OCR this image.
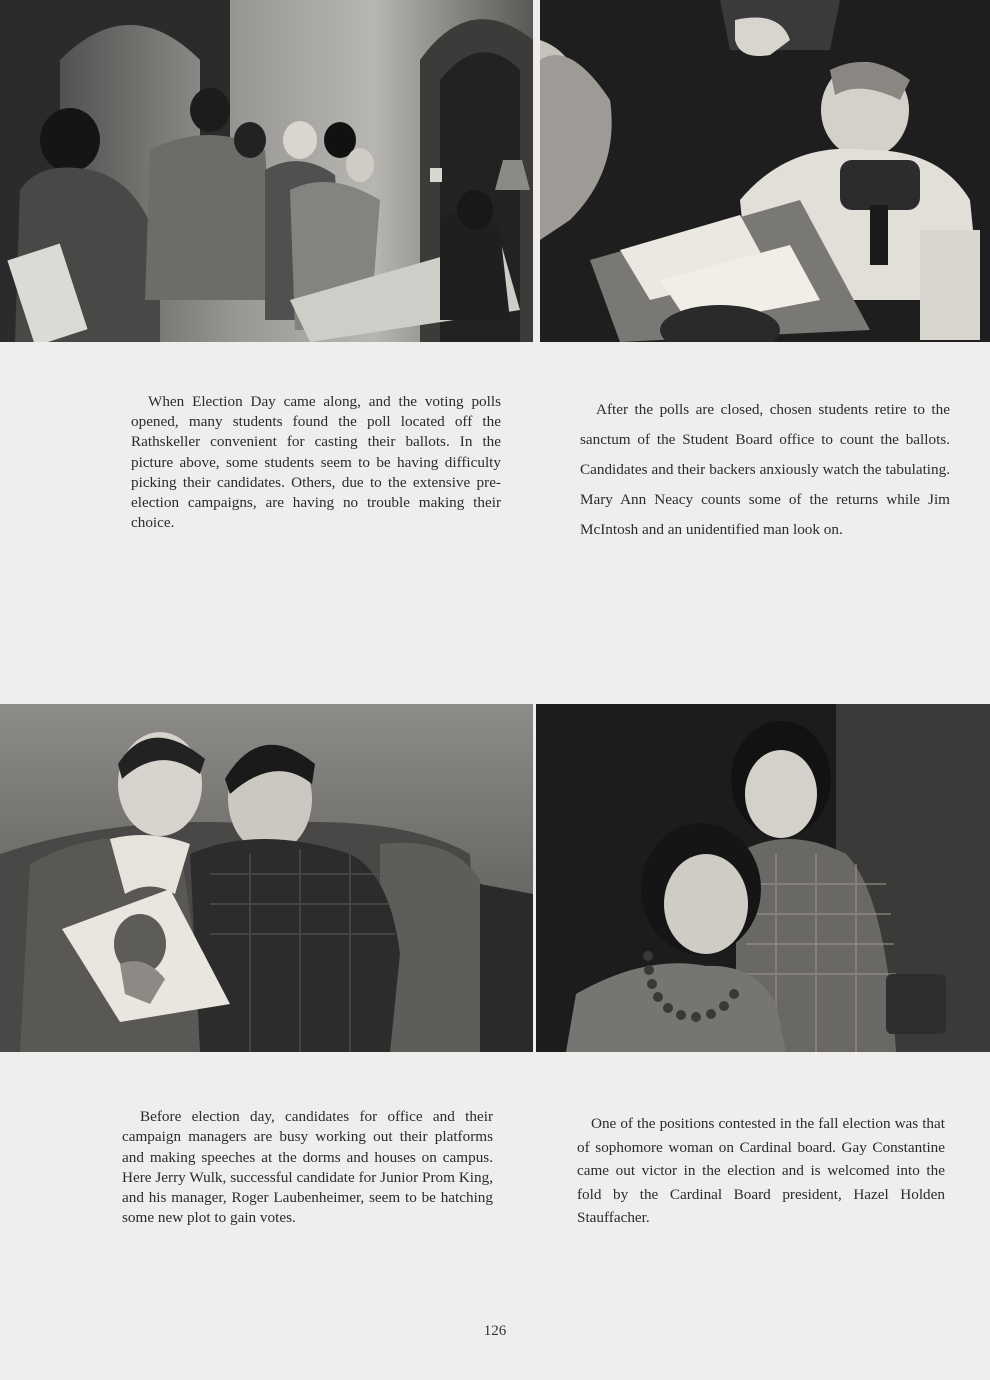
When Election Day came along, and the voting polls opened, many students found the poll located off the Rathskeller convenient for casting their ballots. In the picture above, some students seem to be having difficulty picking their candidates. Others, due to the extensive pre-election campaigns, are having no trouble making their choice.

After the polls are closed, chosen students retire to the sanctum of the Student Board office to count the ballots. Candidates and their backers anxiously watch the tabulating. Mary Ann Neacy counts some of the returns while Jim McIntosh and an unidentified man look on.

Before election day, candidates for office and their campaign managers are busy working out their platforms and making speeches at the dorms and houses on campus. Here Jerry Wulk, successful candidate for Junior Prom King, and his manager, Roger Laubenheimer, seem to be hatching some new plot to gain votes.

One of the positions contested in the fall election was that of sophomore woman on Cardinal board. Gay Constantine came out victor in the election and is welcomed into the fold by the Cardinal Board president, Hazel Holden Stauffacher.

126
